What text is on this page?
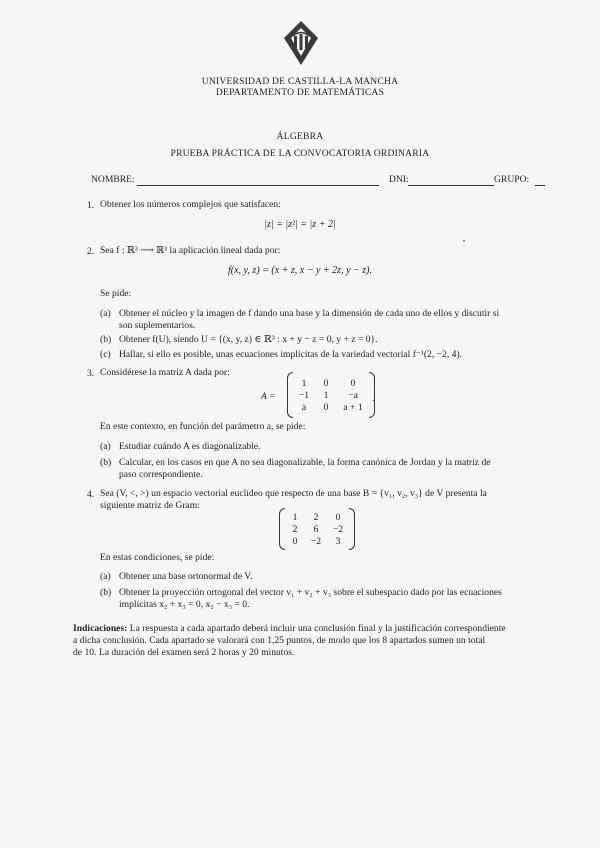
UNIVERSIDAD DE CASTILLA-LA MANCHA
DEPARTAMENTO DE MATEMÁTICAS
ÁLGEBRA
PRUEBA PRÁCTICA DE LA CONVOCATORIA ORDINARIA
NOMBRE:	DNI:	GRUPO:
1. Obtener los números complejos que satisfacen:
|z| = |z²| = |z + 2|
2. Sea f : ℝ³ ⟶ ℝ³ la aplicación lineal dada por:
f(x, y, z) = (x + z, x − y + 2z, y − z).
Se pide:
(a) Obtener el núcleo y la imagen de f dando una base y la dimensión de cada uno de ellos y discutir si
son suplementarios.
(b) Obtener f(U), siendo U = {(x, y, z) ∈ ℝ³ : x + y − z = 0, y + z = 0}.
(c) Hallar, si ello es posible, unas ecuaciones implícitas de la variedad vectorial f⁻¹(2, −2, 4).
3. Considérese la matriz A dada por:
A =
1	0	0
−1	1	−a
a	0	a + 1
.
En este contexto, en función del parámetro a, se pide:
(a) Estudiar cuándo A es diagonalizable.
(b) Calcular, en los casos en que A no sea diagonalizable, la forma canónica de Jordan y la matriz de
paso correspondiente.
4. Sea (V, <, >) un espacio vectorial euclídeo que respecto de una base B = {v₁, v₂, v₃} de V presenta la
siguiente matriz de Gram:
1	2	0
2	6	−2
0	−2	3
En estas condiciones, se pide:
(a) Obtener una base ortonormal de V.
(b) Obtener la proyección ortogonal del vector v₁ + v₂ + v₃ sobre el subespacio dado por las ecuaciones
implícitas x₂ + x₃ = 0, x₂ − x₃ = 0.
Indicaciones: La respuesta a cada apartado deberá incluir una conclusión final y la justificación correspondiente
a dicha conclusión. Cada apartado se valorará con 1,25 puntos, de modo que los 8 apartados sumen un total
de 10. La duración del examen será 2 horas y 20 minutos.
